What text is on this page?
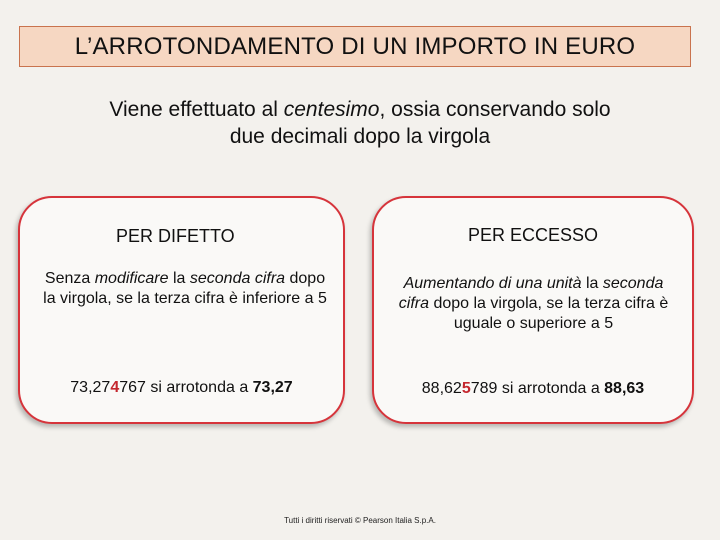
L’ARROTONDAMENTO DI UN IMPORTO IN EURO
Viene effettuato al centesimo, ossia conservando solo
due decimali dopo la virgola
PER DIFETTO
Senza modificare la seconda cifra dopo la virgola, se la terza cifra è inferiore a 5
73,274767 si arrotonda a 73,27
PER ECCESSO
Aumentando di una unità la seconda cifra dopo la virgola, se la terza cifra è uguale o superiore a 5
88,625789 si arrotonda a 88,63
Tutti i diritti riservati © Pearson Italia S.p.A.
